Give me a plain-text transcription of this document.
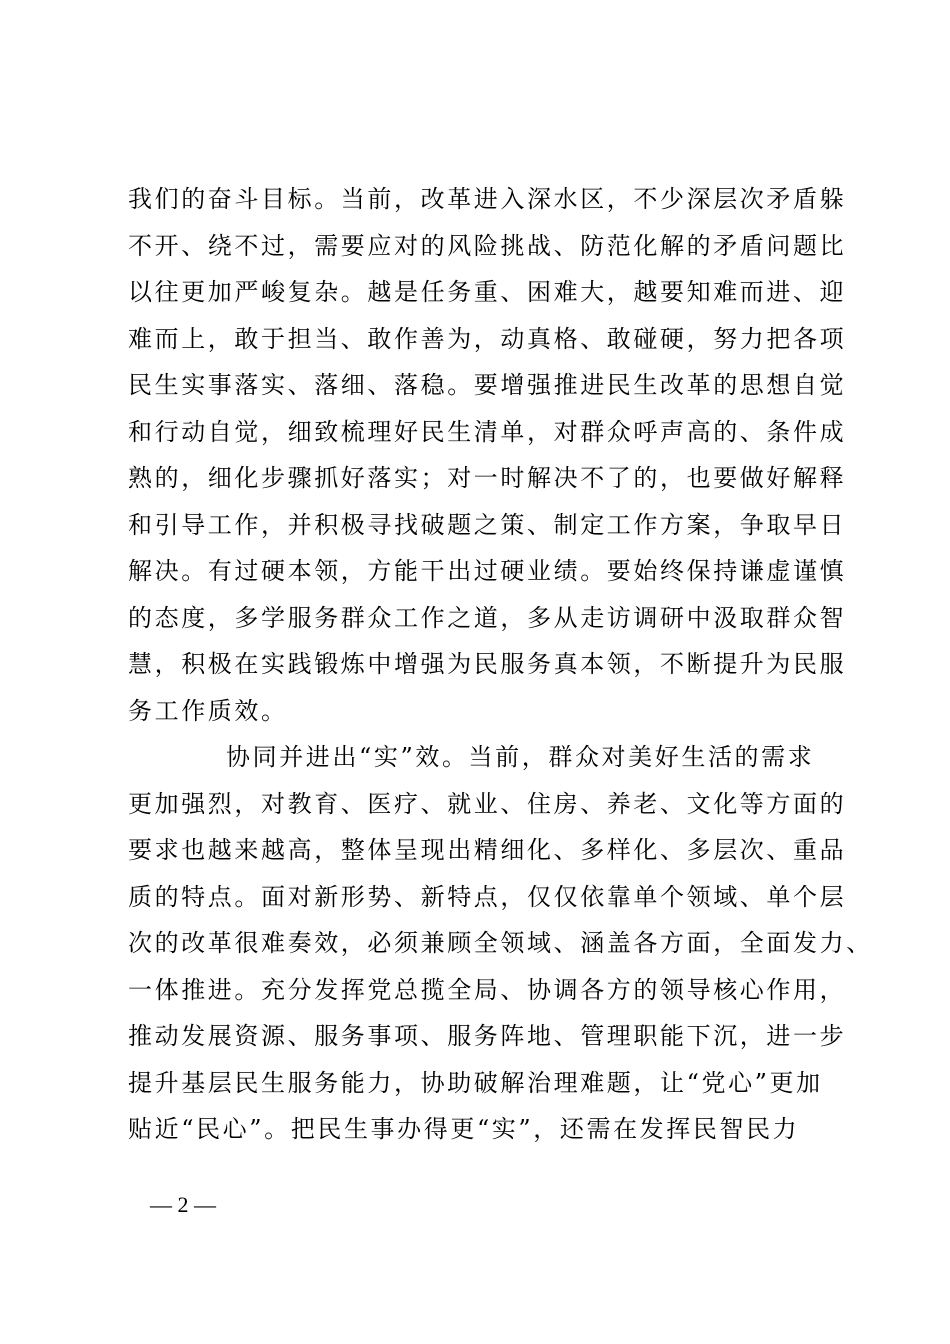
我们的奋斗目标。当前，改革进入深水区，不少深层次矛盾躲
不开、绕不过，需要应对的风险挑战、防范化解的矛盾问题比
以往更加严峻复杂。越是任务重、困难大，越要知难而进、迎
难而上，敢于担当、敢作善为，动真格、敢碰硬，努力把各项
民生实事落实、落细、落稳。要增强推进民生改革的思想自觉
和行动自觉，细致梳理好民生清单，对群众呼声高的、条件成
熟的，细化步骤抓好落实；对一时解决不了的，也要做好解释
和引导工作，并积极寻找破题之策、制定工作方案，争取早日
解决。有过硬本领，方能干出过硬业绩。要始终保持谦虚谨慎
的态度，多学服务群众工作之道，多从走访调研中汲取群众智
慧，积极在实践锻炼中增强为民服务真本领，不断提升为民服
务工作质效。
协同并进出“实”效。当前，群众对美好生活的需求
更加强烈，对教育、医疗、就业、住房、养老、文化等方面的
要求也越来越高，整体呈现出精细化、多样化、多层次、重品
质的特点。面对新形势、新特点，仅仅依靠单个领域、单个层
次的改革很难奏效，必须兼顾全领域、涵盖各方面，全面发力、
一体推进。充分发挥党总揽全局、协调各方的领导核心作用，
推动发展资源、服务事项、服务阵地、管理职能下沉，进一步
提升基层民生服务能力，协助破解治理难题，让“党心”更加
贴近“民心”。把民生事办得更“实”，还需在发挥民智民力
— 2 —
